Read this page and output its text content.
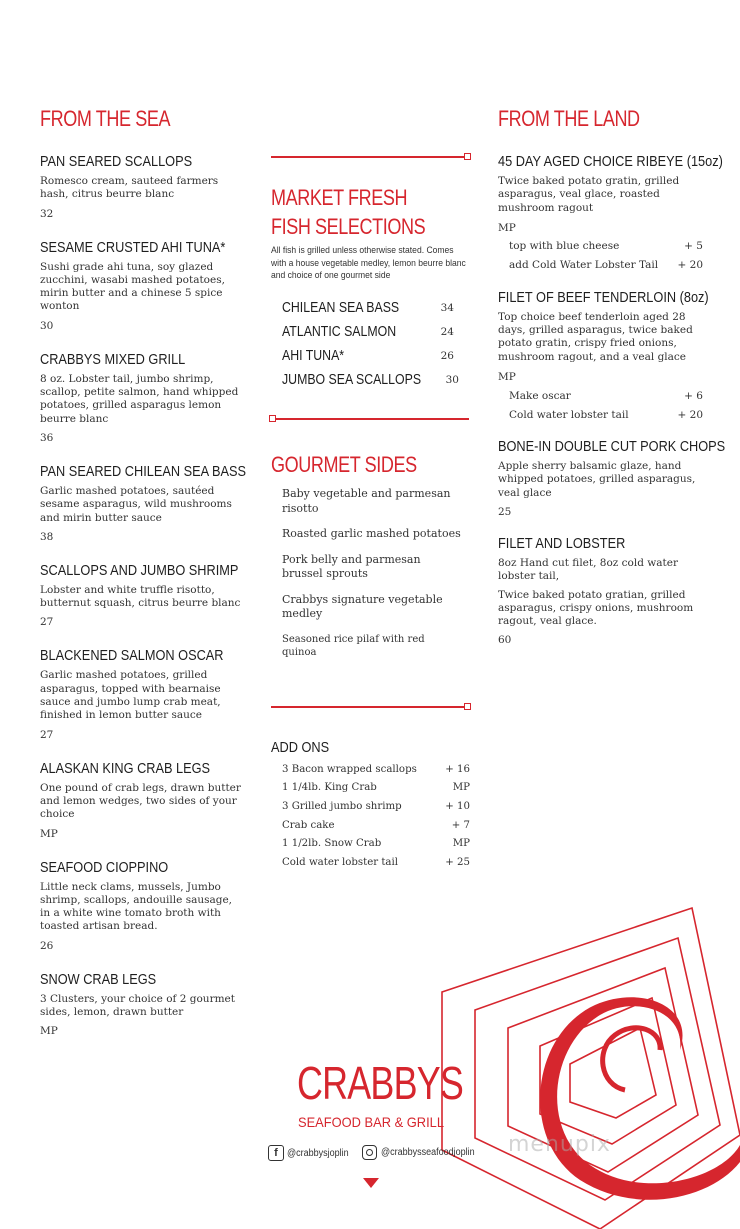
FROM THE SEA
PAN SEARED SCALLOPS
Romesco cream, sauteed farmers hash, citrus beurre blanc
32
SESAME CRUSTED AHI TUNA*
Sushi grade ahi tuna, soy glazed zucchini, wasabi mashed potatoes, mirin butter and a chinese 5 spice wonton
30
CRABBYS MIXED GRILL
8 oz. Lobster tail, jumbo shrimp, scallop, petite salmon, hand whipped potatoes, grilled asparagus lemon beurre blanc
36
PAN SEARED CHILEAN SEA BASS
Garlic mashed potatoes, sautéed sesame asparagus, wild mushrooms and mirin butter sauce
38
SCALLOPS AND JUMBO SHRIMP
Lobster and white truffle risotto, butternut squash, citrus beurre blanc
27
BLACKENED SALMON OSCAR
Garlic mashed potatoes, grilled asparagus, topped with bearnaise sauce and jumbo lump crab meat, finished in lemon butter sauce
27
ALASKAN KING CRAB LEGS
One pound of crab legs, drawn butter and lemon wedges, two sides of your choice
MP
SEAFOOD CIOPPINO
Little neck clams, mussels, Jumbo shrimp, scallops, andouille sausage, in a white wine tomato broth with toasted artisan bread.
26
SNOW CRAB LEGS
3 Clusters, your choice of 2 gourmet sides, lemon, drawn butter
MP
MARKET FRESH
FISH SELECTIONS
All fish is grilled unless otherwise stated. Comes with a house vegetable medley, lemon beurre blanc and choice of one gourmet side
CHILEAN SEA BASS	34
ATLANTIC SALMON	24
AHI TUNA*	26
JUMBO SEA SCALLOPS 30
GOURMET SIDES
Baby vegetable and parmesan risotto
Roasted garlic mashed potatoes
Pork belly and parmesan brussel sprouts
Crabbys signature vegetable medley
Seasoned rice pilaf with red quinoa
ADD ONS
3 Bacon wrapped scallops	+ 16
1 1/4lb. King Crab	MP
3 Grilled jumbo shrimp	+ 10
Crab cake	+ 7
1 1/2lb. Snow Crab	MP
Cold water lobster tail	+ 25
FROM THE LAND
45 DAY AGED CHOICE RIBEYE (15oz)
Twice baked potato gratin, grilled asparagus, veal glace, roasted mushroom ragout
MP
top with blue cheese	+ 5
add Cold Water Lobster Tail + 20
FILET OF BEEF TENDERLOIN (8oz)
Top choice beef tenderloin aged 28 days, grilled asparagus, twice baked potato gratin, crispy fried onions, mushroom ragout, and a veal glace
MP
Make oscar	+ 6
Cold water lobster tail	+ 20
BONE-IN DOUBLE CUT PORK CHOPS
Apple sherry balsamic glaze, hand whipped potatoes, grilled asparagus, veal glace
25
FILET AND LOBSTER
8oz Hand cut filet, 8oz cold water lobster tail,
Twice baked potato gratian, grilled asparagus, crispy onions, mushroom ragout, veal glace.
60
menupix
CRABBYS
SEAFOOD BAR & GRILL
f @crabbysjoplin	@crabbysseafoodjoplin
